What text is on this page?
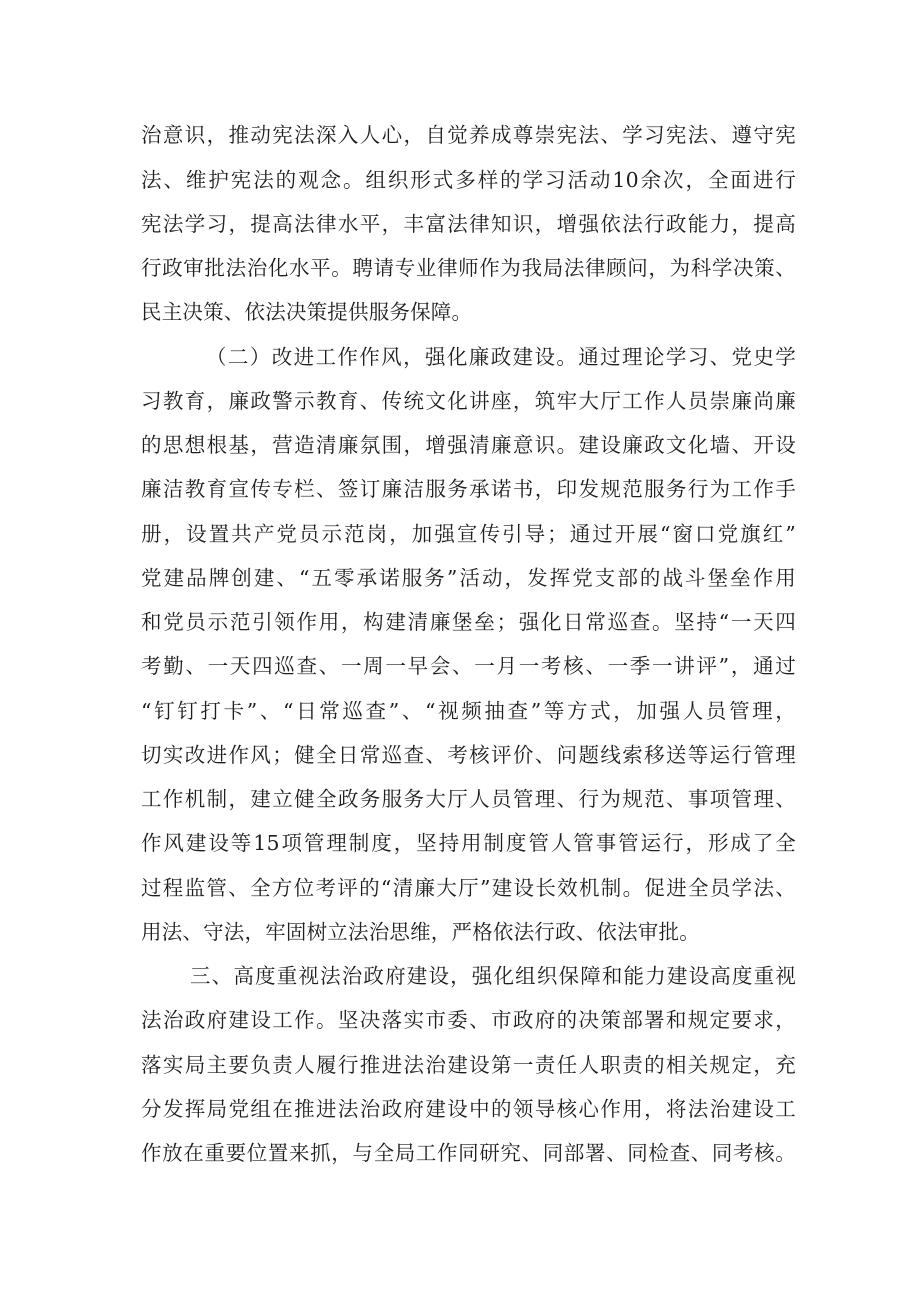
治意识，推动宪法深入人心，自觉养成尊崇宪法、学习宪法、遵守宪
法、维护宪法的观念。组织形式多样的学习活动10余次，全面进行
宪法学习，提高法律水平，丰富法律知识，增强依法行政能力，提高
行政审批法治化水平。聘请专业律师作为我局法律顾问，为科学决策、
民主决策、依法决策提供服务保障。
（二）改进工作作风，强化廉政建设。通过理论学习、党史学
习教育，廉政警示教育、传统文化讲座，筑牢大厅工作人员崇廉尚廉
的思想根基，营造清廉氛围，增强清廉意识。建设廉政文化墙、开设
廉洁教育宣传专栏、签订廉洁服务承诺书，印发规范服务行为工作手
册，设置共产党员示范岗，加强宣传引导；通过开展“窗口党旗红”
党建品牌创建、“五零承诺服务”活动，发挥党支部的战斗堡垒作用
和党员示范引领作用，构建清廉堡垒；强化日常巡查。坚持“一天四
考勤、一天四巡查、一周一早会、一月一考核、一季一讲评”，通过
“钉钉打卡”、“日常巡查”、“视频抽查”等方式，加强人员管理，
切实改进作风；健全日常巡查、考核评价、问题线索移送等运行管理
工作机制，建立健全政务服务大厅人员管理、行为规范、事项管理、
作风建设等15项管理制度，坚持用制度管人管事管运行，形成了全
过程监管、全方位考评的“清廉大厅”建设长效机制。促进全员学法、
用法、守法，牢固树立法治思维，严格依法行政、依法审批。
三、高度重视法治政府建设，强化组织保障和能力建设高度重视
法治政府建设工作。坚决落实市委、市政府的决策部署和规定要求，
落实局主要负责人履行推进法治建设第一责任人职责的相关规定，充
分发挥局党组在推进法治政府建设中的领导核心作用，将法治建设工
作放在重要位置来抓，与全局工作同研究、同部署、同检查、同考核。
